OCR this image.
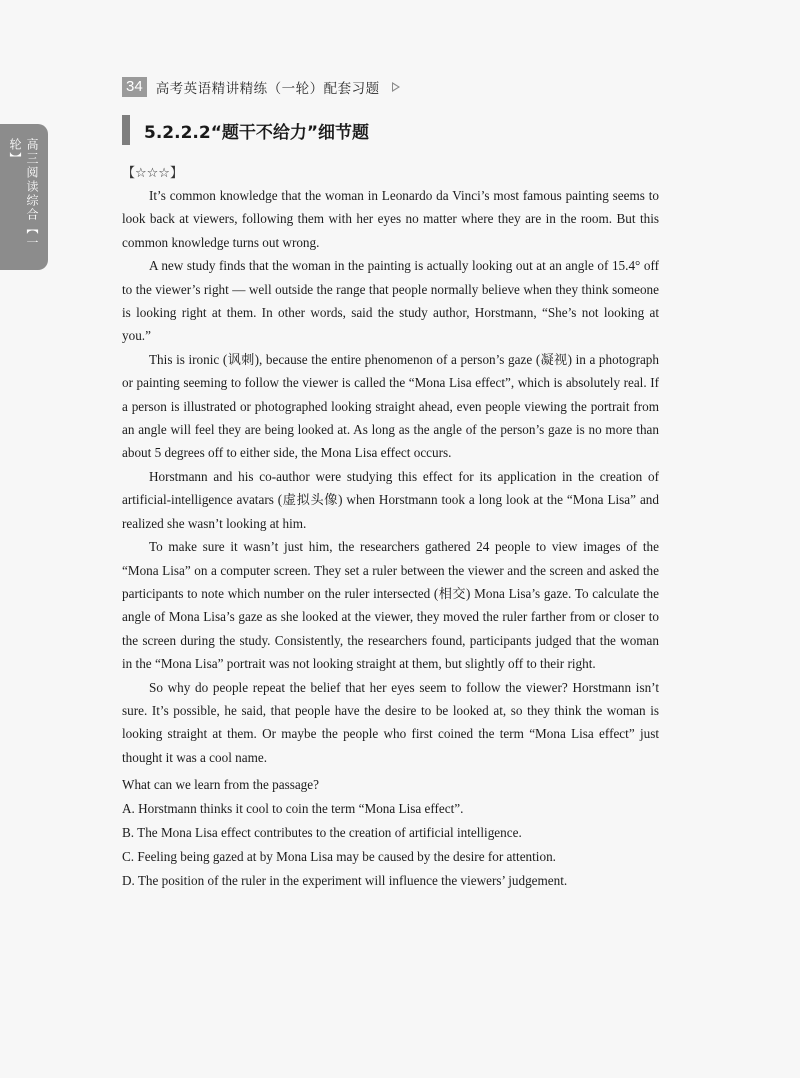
34 高考英语精讲精练（一轮）配套习题
高三阅读综合【一轮】
5.2.2.2“题干不给力”细节题
【☆☆☆】

It’s common knowledge that the woman in Leonardo da Vinci’s most famous painting seems to look back at viewers, following them with her eyes no matter where they are in the room. But this common knowledge turns out wrong.

A new study finds that the woman in the painting is actually looking out at an angle of 15.4° off to the viewer’s right — well outside the range that people normally believe when they think someone is looking right at them. In other words, said the study author, Horstmann, “She’s not looking at you.”

This is ironic (讽刺), because the entire phenomenon of a person’s gaze (凝视) in a photograph or painting seeming to follow the viewer is called the “Mona Lisa effect”, which is absolutely real. If a person is illustrated or photographed looking straight ahead, even people viewing the portrait from an angle will feel they are being looked at. As long as the angle of the person’s gaze is no more than about 5 degrees off to either side, the Mona Lisa effect occurs.

Horstmann and his co-author were studying this effect for its application in the creation of artificial-intelligence avatars (虚拟头像) when Horstmann took a long look at the “Mona Lisa” and realized she wasn’t looking at him.

To make sure it wasn’t just him, the researchers gathered 24 people to view images of the “Mona Lisa” on a computer screen. They set a ruler between the viewer and the screen and asked the participants to note which number on the ruler intersected (相交) Mona Lisa’s gaze. To calculate the angle of Mona Lisa’s gaze as she looked at the viewer, they moved the ruler farther from or closer to the screen during the study. Consistently, the researchers found, participants judged that the woman in the “Mona Lisa” portrait was not looking straight at them, but slightly off to their right.

So why do people repeat the belief that her eyes seem to follow the viewer? Horstmann isn’t sure. It’s possible, he said, that people have the desire to be looked at, so they think the woman is looking straight at them. Or maybe the people who first coined the term “Mona Lisa effect” just thought it was a cool name.

What can we learn from the passage?

A. Horstmann thinks it cool to coin the term “Mona Lisa effect”.

B. The Mona Lisa effect contributes to the creation of artificial intelligence.

C. Feeling being gazed at by Mona Lisa may be caused by the desire for attention.

D. The position of the ruler in the experiment will influence the viewers’ judgement.
